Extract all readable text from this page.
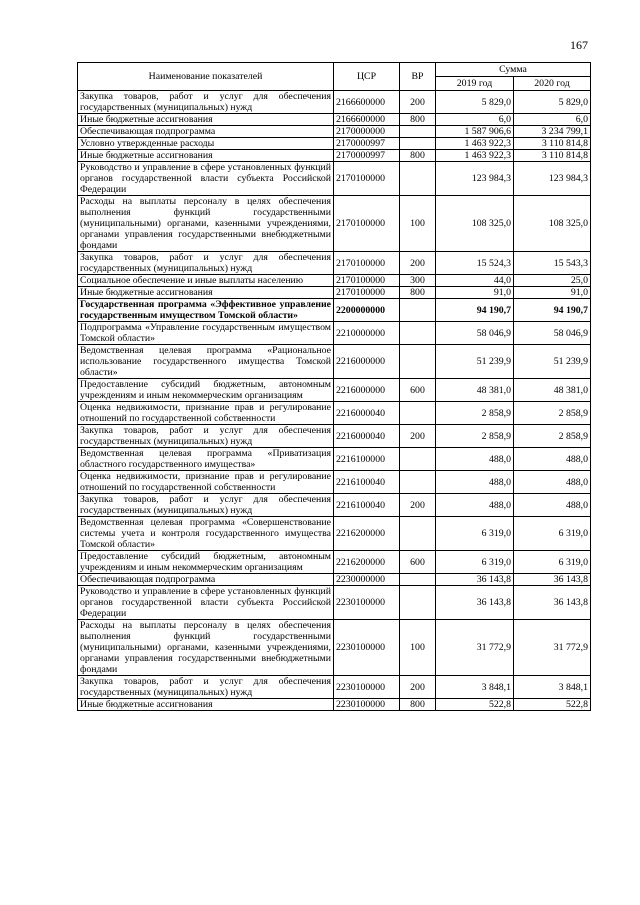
167
Наименование показателей	ЦСР	ВР	Сумма	
			2019 год	2020 год
Закупка товаров, работ и услуг для обеспечения государственных (муниципальных) нужд	2166600000	200	5 829,0	5 829,0
Иные бюджетные ассигнования	2166600000	800	6,0	6,0
Обеспечивающая подпрограмма	2170000000		1 587 906,6	3 234 799,1
Условно утвержденные расходы	2170000997		1 463 922,3	3 110 814,8
Иные бюджетные ассигнования	2170000997	800	1 463 922,3	3 110 814,8
Руководство и управление в сфере установленных функций органов государственной власти субъекта Российской Федерации	2170100000		123 984,3	123 984,3
Расходы на выплаты персоналу в целях обеспечения выполнения функций государственными (муниципальными) органами, казенными учреждениями, органами управления государственными внебюджетными фондами	2170100000	100	108 325,0	108 325,0
Закупка товаров, работ и услуг для обеспечения государственных (муниципальных) нужд	2170100000	200	15 524,3	15 543,3
Социальное обеспечение и иные выплаты населению	2170100000	300	44,0	25,0
Иные бюджетные ассигнования	2170100000	800	91,0	91,0
Государственная программа «Эффективное управление государственным имуществом Томской области»	2200000000		94 190,7	94 190,7
Подпрограмма «Управление государственным имуществом Томской области»	2210000000		58 046,9	58 046,9
Ведомственная целевая программа «Рациональное использование государственного имущества Томской области»	2216000000		51 239,9	51 239,9
Предоставление субсидий бюджетным, автономным учреждениям и иным некоммерческим организациям	2216000000	600	48 381,0	48 381,0
Оценка недвижимости, признание прав и регулирование отношений по государственной собственности	2216000040		2 858,9	2 858,9
Закупка товаров, работ и услуг для обеспечения государственных (муниципальных) нужд	2216000040	200	2 858,9	2 858,9
Ведомственная целевая программа «Приватизация областного государственного имущества»	2216100000		488,0	488,0
Оценка недвижимости, признание прав и регулирование отношений по государственной собственности	2216100040		488,0	488,0
Закупка товаров, работ и услуг для обеспечения государственных (муниципальных) нужд	2216100040	200	488,0	488,0
Ведомственная целевая программа «Совершенствование системы учета и контроля государственного имущества Томской области»	2216200000		6 319,0	6 319,0
Предоставление субсидий бюджетным, автономным учреждениям и иным некоммерческим организациям	2216200000	600	6 319,0	6 319,0
Обеспечивающая подпрограмма	2230000000		36 143,8	36 143,8
Руководство и управление в сфере установленных функций органов государственной власти субъекта Российской Федерации	2230100000		36 143,8	36 143,8
Расходы на выплаты персоналу в целях обеспечения выполнения функций государственными (муниципальными) органами, казенными учреждениями, органами управления государственными внебюджетными фондами	2230100000	100	31 772,9	31 772,9
Закупка товаров, работ и услуг для обеспечения государственных (муниципальных) нужд	2230100000	200	3 848,1	3 848,1
Иные бюджетные ассигнования	2230100000	800	522,8	522,8
